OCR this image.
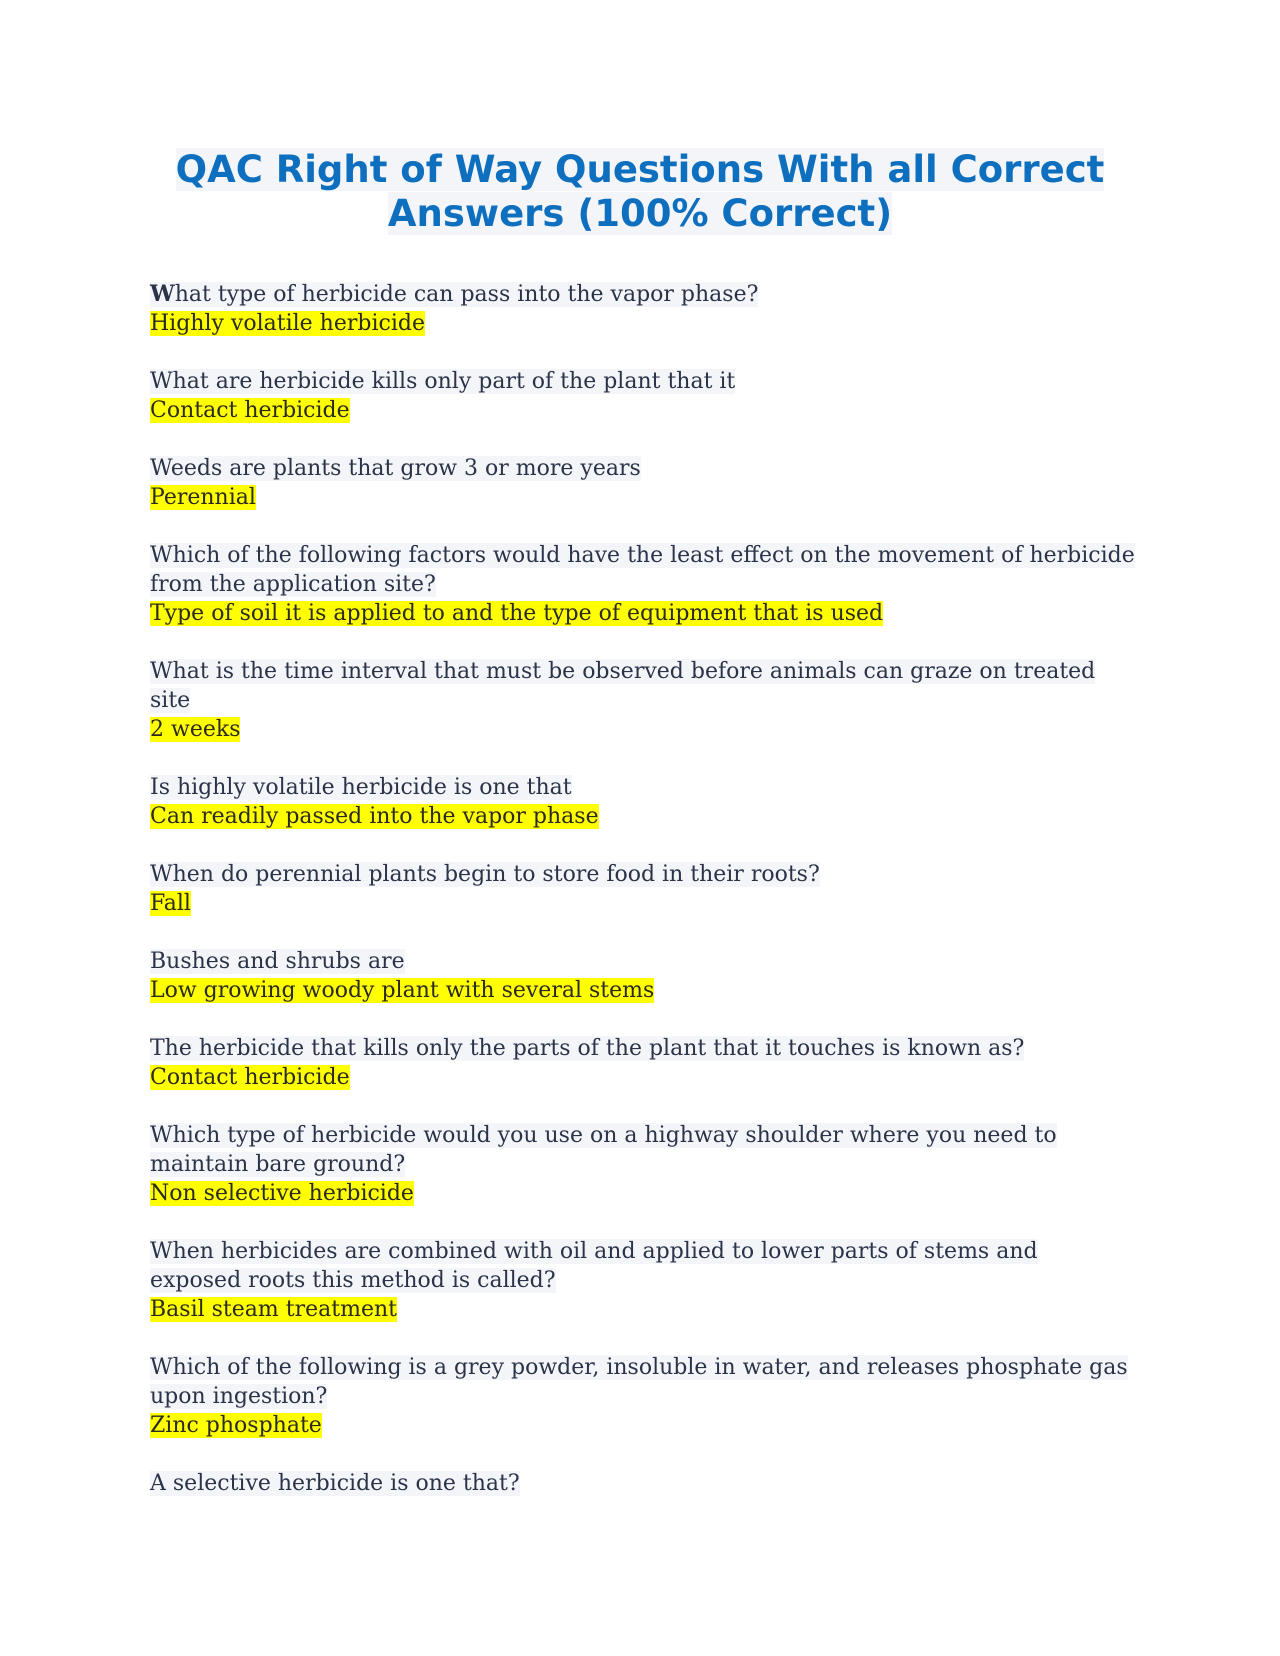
QAC Right of Way Questions With all Correct
Answers (100% Correct)
What type of herbicide can pass into the vapor phase?
Highly volatile herbicide
What are herbicide kills only part of the plant that it
Contact herbicide
Weeds are plants that grow 3 or more years
Perennial
Which of the following factors would have the least effect on the movement of herbicide from the application site?
Type of soil it is applied to and the type of equipment that is used
What is the time interval that must be observed before animals can graze on treated site
2 weeks
Is highly volatile herbicide is one that
Can readily passed into the vapor phase
When do perennial plants begin to store food in their roots?
Fall
Bushes and shrubs are
Low growing woody plant with several stems
The herbicide that kills only the parts of the plant that it touches is known as?
Contact herbicide
Which type of herbicide would you use on a highway shoulder where you need to maintain bare ground?
Non selective herbicide
When herbicides are combined with oil and applied to lower parts of stems and exposed roots this method is called?
Basil steam treatment
Which of the following is a grey powder, insoluble in water, and releases phosphate gas upon ingestion?
Zinc phosphate
A selective herbicide is one that?
